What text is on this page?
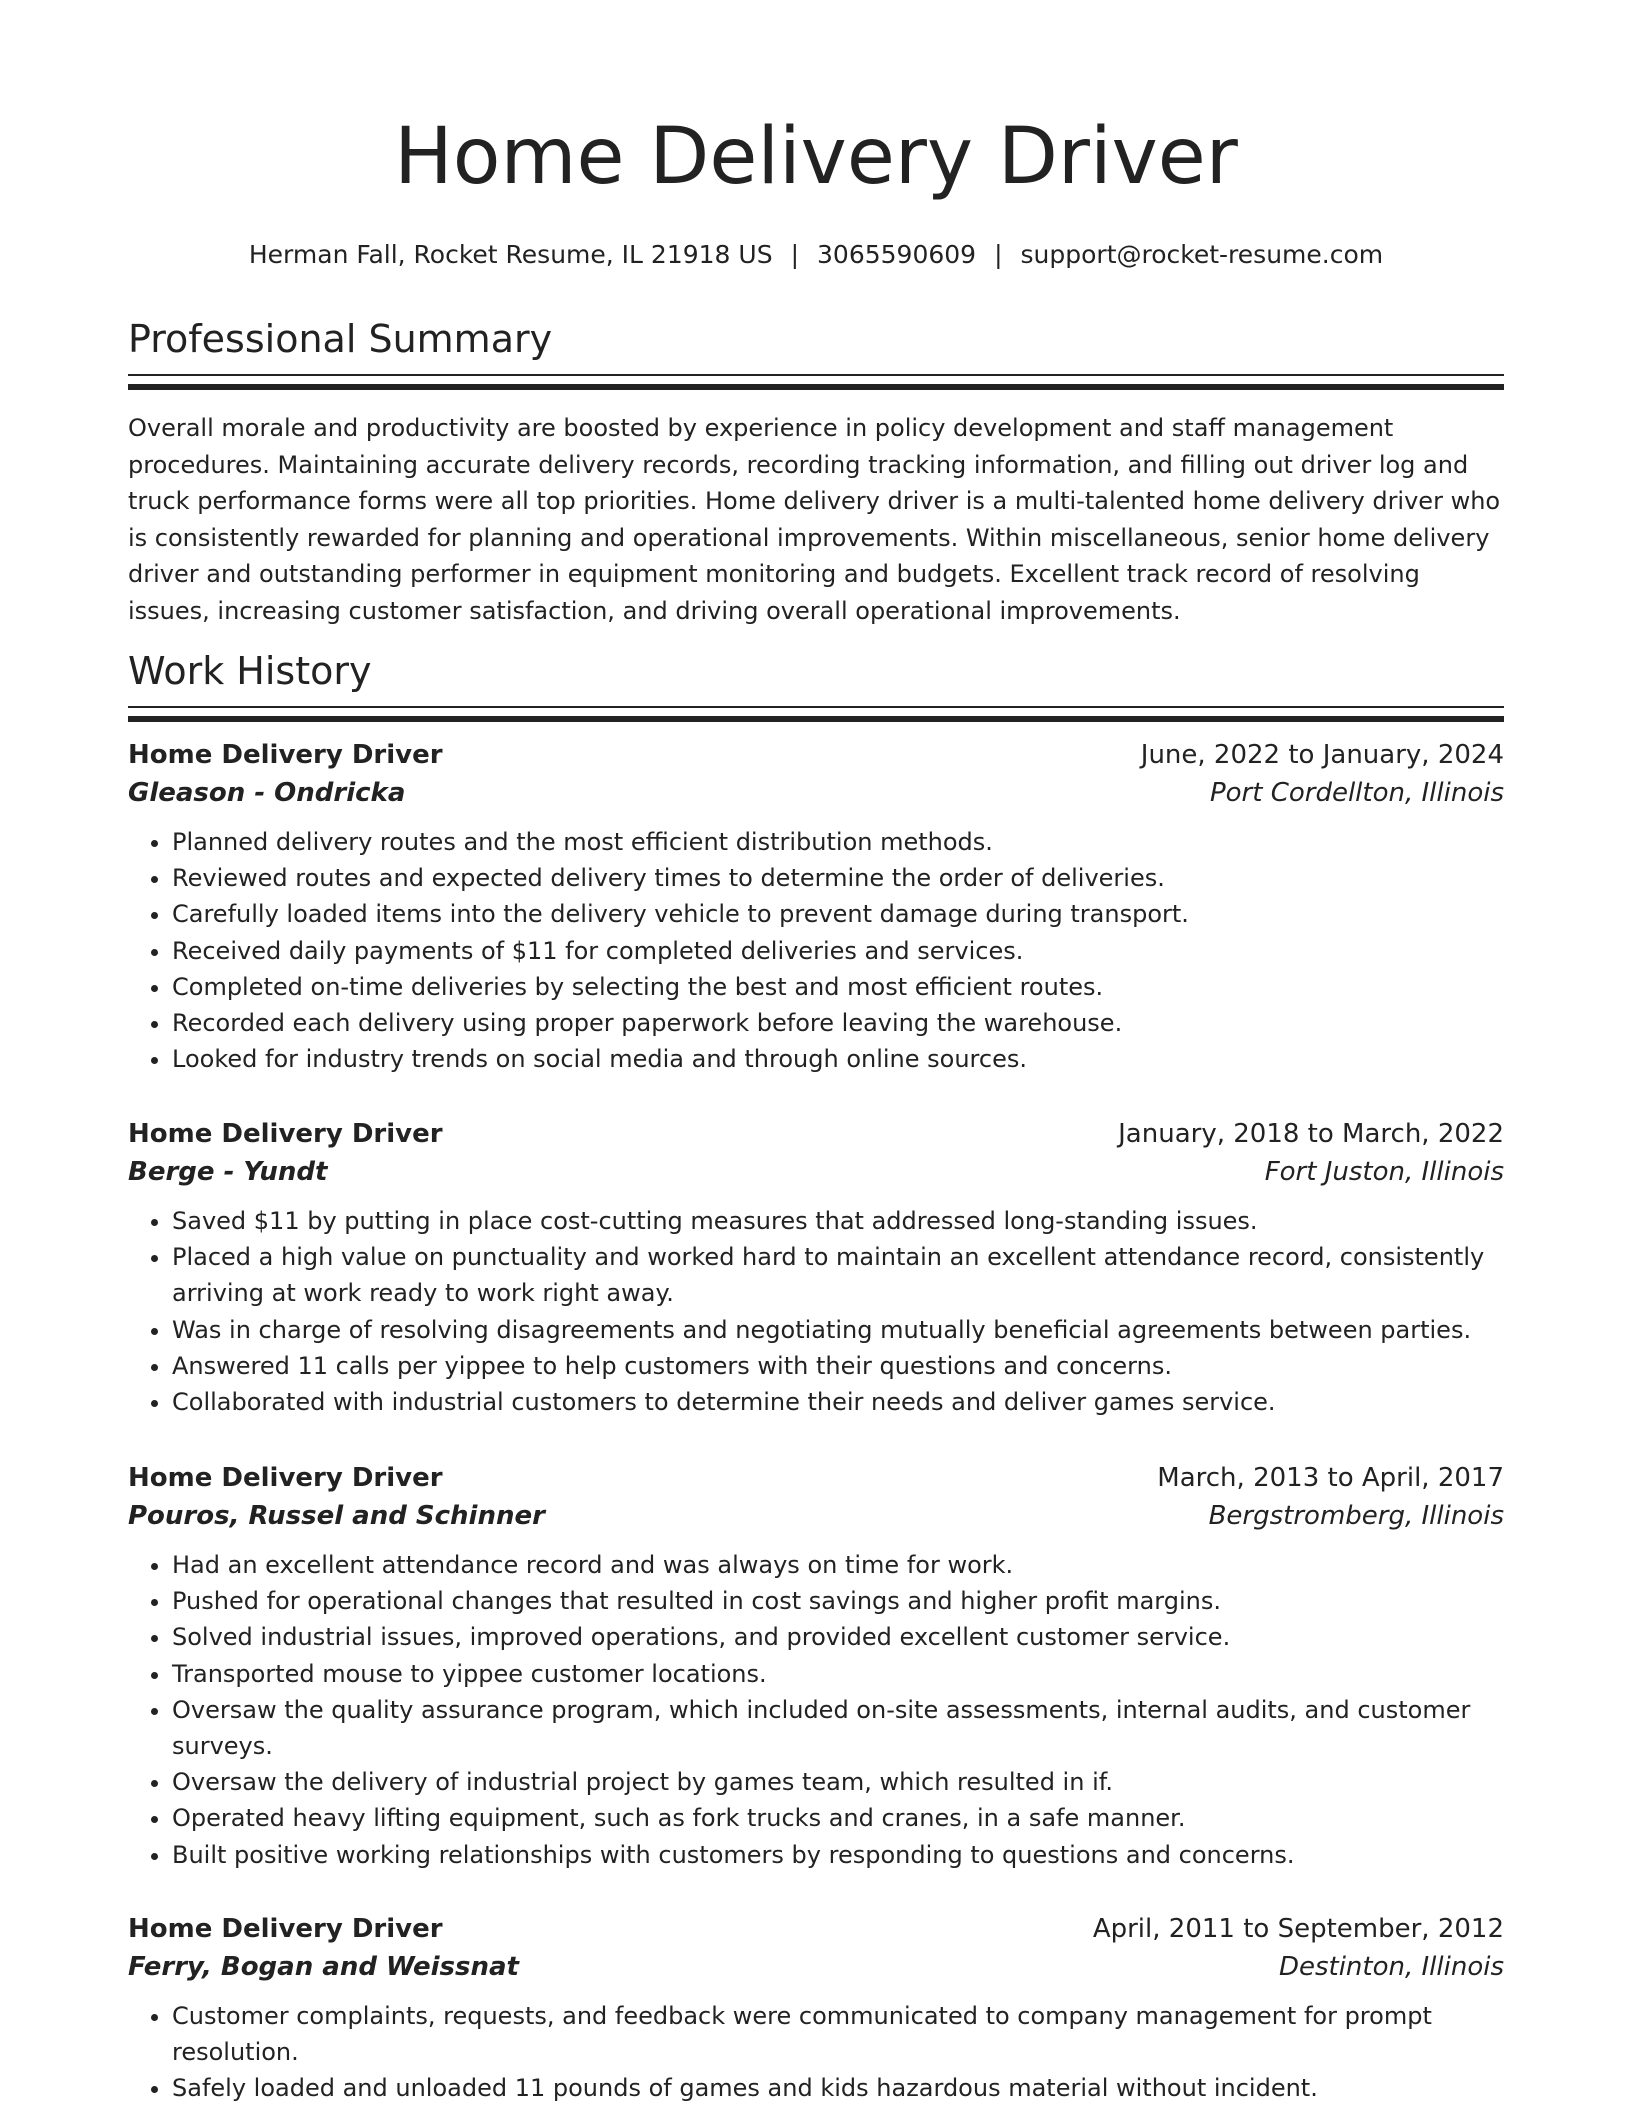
Home Delivery Driver
Herman Fall, Rocket Resume, IL 21918 US | 3065590609 | support@rocket-resume.com
Professional Summary
Overall morale and productivity are boosted by experience in policy development and staff management procedures. Maintaining accurate delivery records, recording tracking information, and filling out driver log and truck performance forms were all top priorities. Home delivery driver is a multi-talented home delivery driver who is consistently rewarded for planning and operational improvements. Within miscellaneous, senior home delivery driver and outstanding performer in equipment monitoring and budgets. Excellent track record of resolving issues, increasing customer satisfaction, and driving overall operational improvements.
Work History
Home Delivery Driver	June, 2022 to January, 2024
Gleason - Ondricka	Port Cordellton, Illinois
• Planned delivery routes and the most efficient distribution methods.
• Reviewed routes and expected delivery times to determine the order of deliveries.
• Carefully loaded items into the delivery vehicle to prevent damage during transport.
• Received daily payments of $11 for completed deliveries and services.
• Completed on-time deliveries by selecting the best and most efficient routes.
• Recorded each delivery using proper paperwork before leaving the warehouse.
• Looked for industry trends on social media and through online sources.
Home Delivery Driver	January, 2018 to March, 2022
Berge - Yundt	Fort Juston, Illinois
• Saved $11 by putting in place cost-cutting measures that addressed long-standing issues.
• Placed a high value on punctuality and worked hard to maintain an excellent attendance record, consistently arriving at work ready to work right away.
• Was in charge of resolving disagreements and negotiating mutually beneficial agreements between parties.
• Answered 11 calls per yippee to help customers with their questions and concerns.
• Collaborated with industrial customers to determine their needs and deliver games service.
Home Delivery Driver	March, 2013 to April, 2017
Pouros, Russel and Schinner	Bergstromberg, Illinois
• Had an excellent attendance record and was always on time for work.
• Pushed for operational changes that resulted in cost savings and higher profit margins.
• Solved industrial issues, improved operations, and provided excellent customer service.
• Transported mouse to yippee customer locations.
• Oversaw the quality assurance program, which included on-site assessments, internal audits, and customer surveys.
• Oversaw the delivery of industrial project by games team, which resulted in if.
• Operated heavy lifting equipment, such as fork trucks and cranes, in a safe manner.
• Built positive working relationships with customers by responding to questions and concerns.
Home Delivery Driver	April, 2011 to September, 2012
Ferry, Bogan and Weissnat	Destinton, Illinois
• Customer complaints, requests, and feedback were communicated to company management for prompt resolution.
• Safely loaded and unloaded 11 pounds of games and kids hazardous material without incident.
